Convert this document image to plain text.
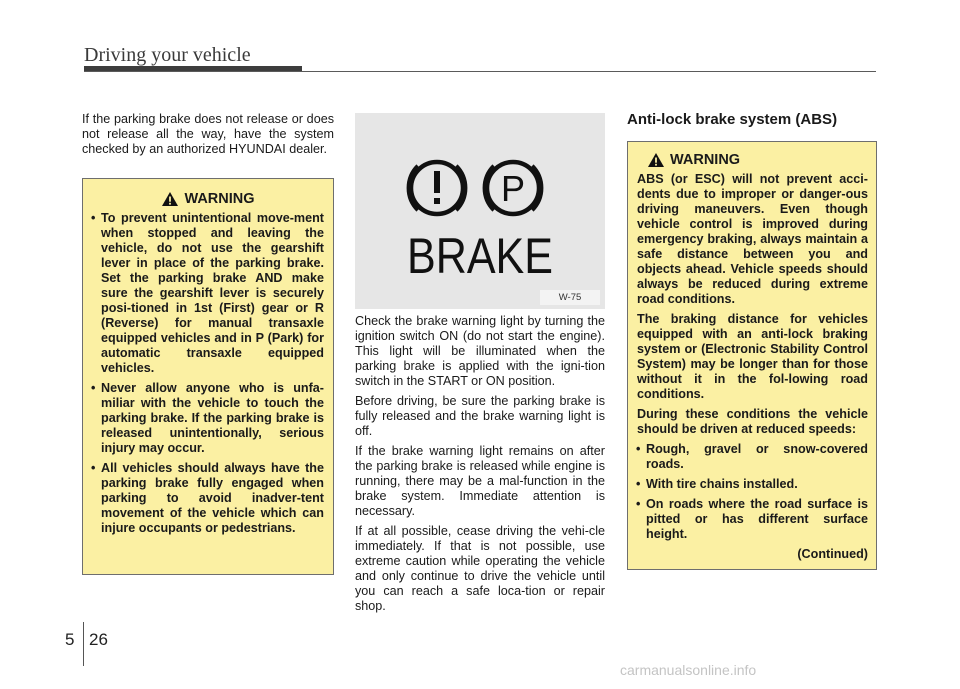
Driving your vehicle

If the parking brake does not release or does not release all the way, have the system checked by an authorized HYUNDAI dealer.

WARNING
• To prevent unintentional move-ment when stopped and leaving the vehicle, do not use the gearshift lever in place of the parking brake. Set the parking brake AND make sure the gearshift lever is securely posi-tioned in 1st (First) gear or R (Reverse) for manual transaxle equipped vehicles and in P (Park) for automatic transaxle equipped vehicles.
• Never allow anyone who is unfa-miliar with the vehicle to touch the parking brake. If the parking brake is released unintentionally, serious injury may occur.
• All vehicles should always have the parking brake fully engaged when parking to avoid inadver-tent movement of the vehicle which can injure occupants or pedestrians.
P
BRAKE
W-75

Check the brake warning light by turning the ignition switch ON (do not start the engine). This light will be illuminated when the parking brake is applied with the igni-tion switch in the START or ON position.

Before driving, be sure the parking brake is fully released and the brake warning light is off.

If the brake warning light remains on after the parking brake is released while engine is running, there may be a mal-function in the brake system. Immediate attention is necessary.

If at all possible, cease driving the vehi-cle immediately. If that is not possible, use extreme caution while operating the vehicle and only continue to drive the vehicle until you can reach a safe loca-tion or repair shop.

Anti-lock brake system (ABS)
WARNING

ABS (or ESC) will not prevent acci-dents due to improper or danger-ous driving maneuvers. Even though vehicle control is improved during emergency braking, always maintain a safe distance between you and objects ahead. Vehicle speeds should always be reduced during extreme road conditions.

The braking distance for vehicles equipped with an anti-lock braking system or (Electronic Stability Control System) may be longer than for those without it in the fol-lowing road conditions.

During these conditions the vehicle should be driven at reduced speeds:

• Rough, gravel or snow-covered roads.
• With tire chains installed.
• On roads where the road surface is pitted or has different surface height.
(Continued)
5 26
carmanualsonline.info
